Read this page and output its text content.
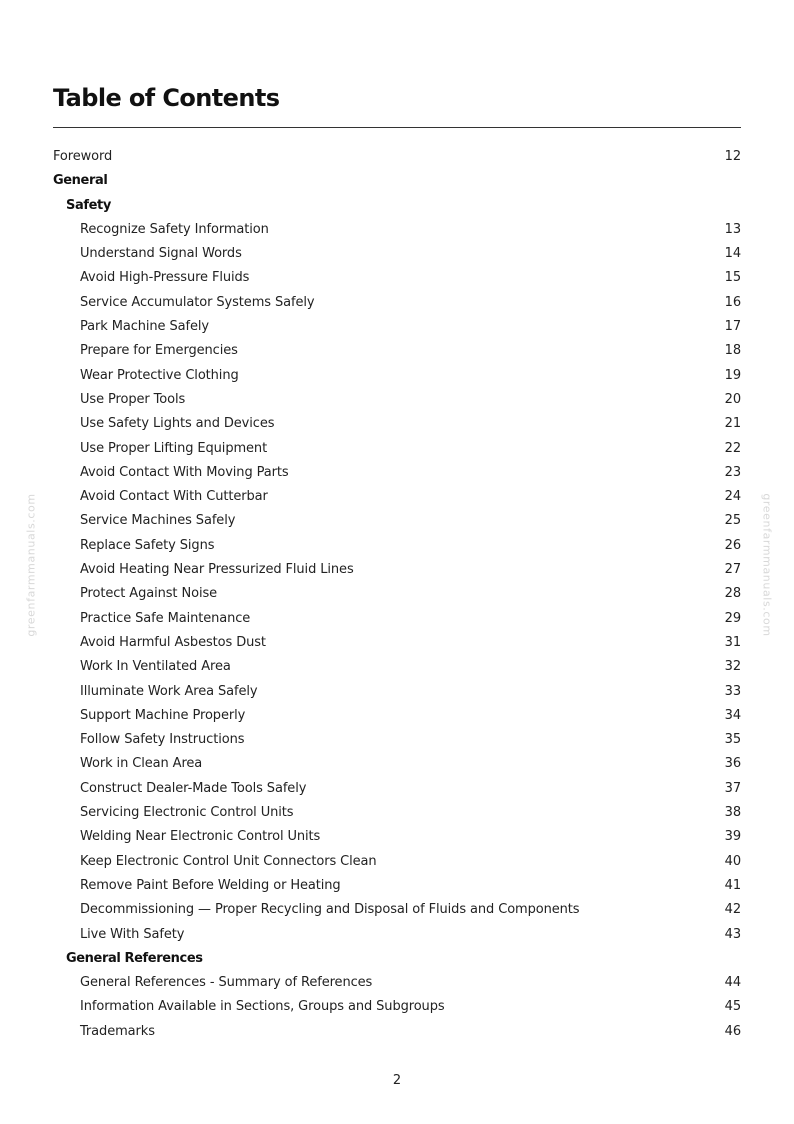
Table of Contents
Foreword	12
General
Safety
Recognize Safety Information	13
Understand Signal Words	14
Avoid High-Pressure Fluids	15
Service Accumulator Systems Safely	16
Park Machine Safely	17
Prepare for Emergencies	18
Wear Protective Clothing	19
Use Proper Tools	20
Use Safety Lights and Devices	21
Use Proper Lifting Equipment	22
Avoid Contact With Moving Parts	23
Avoid Contact With Cutterbar	24
Service Machines Safely	25
Replace Safety Signs	26
Avoid Heating Near Pressurized Fluid Lines	27
Protect Against Noise	28
Practice Safe Maintenance	29
Avoid Harmful Asbestos Dust	31
Work In Ventilated Area	32
Illuminate Work Area Safely	33
Support Machine Properly	34
Follow Safety Instructions	35
Work in Clean Area	36
Construct Dealer-Made Tools Safely	37
Servicing Electronic Control Units	38
Welding Near Electronic Control Units	39
Keep Electronic Control Unit Connectors Clean	40
Remove Paint Before Welding or Heating	41
Decommissioning — Proper Recycling and Disposal of Fluids and Components	42
Live With Safety	43
General References
General References - Summary of References	44
Information Available in Sections, Groups and Subgroups	45
Trademarks	46
2
greenfarmmanuals.com	greenfarmmanuals.com
